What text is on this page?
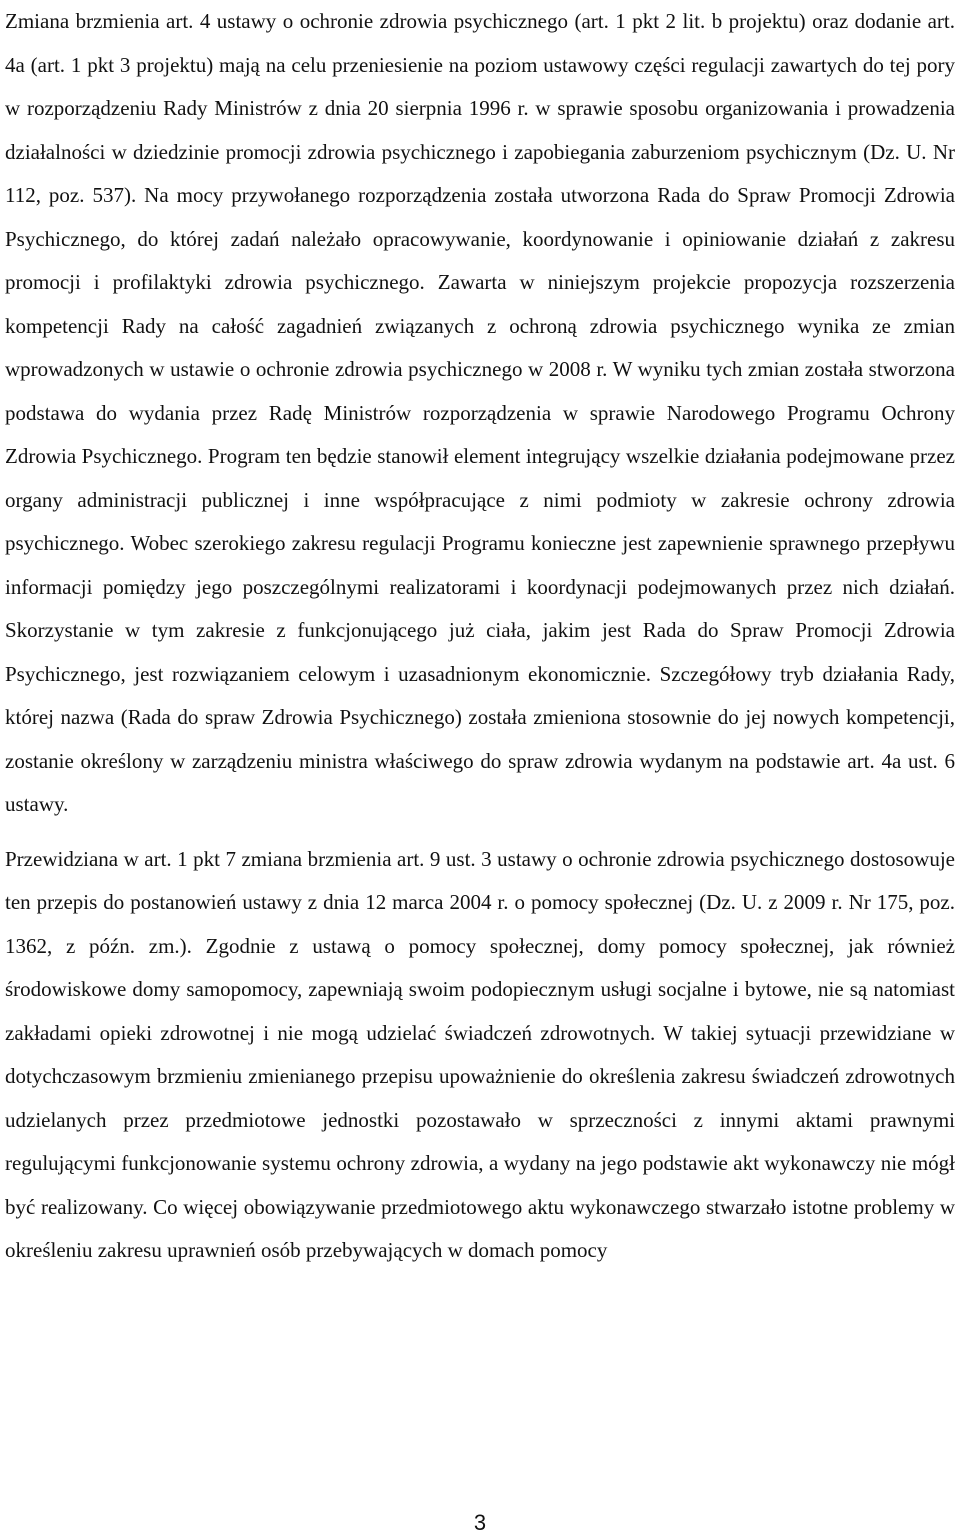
Zmiana brzmienia art. 4 ustawy o ochronie zdrowia psychicznego (art. 1 pkt 2 lit. b projektu) oraz dodanie art. 4a (art. 1 pkt 3 projektu) mają na celu przeniesienie na poziom ustawowy części regulacji zawartych do tej pory w rozporządzeniu Rady Ministrów z dnia 20 sierpnia 1996 r. w sprawie sposobu organizowania i prowadzenia działalności w dziedzinie promocji zdrowia psychicznego i zapobiegania zaburzeniom psychicznym (Dz. U. Nr 112, poz. 537). Na mocy przywołanego rozporządzenia została utworzona Rada do Spraw Promocji Zdrowia Psychicznego, do której zadań należało opracowywanie, koordynowanie i opiniowanie działań z zakresu promocji i profilaktyki zdrowia psychicznego. Zawarta w niniejszym projekcie propozycja rozszerzenia kompetencji Rady na całość zagadnień związanych z ochroną zdrowia psychicznego wynika ze zmian wprowadzonych w ustawie o ochronie zdrowia psychicznego w 2008 r. W wyniku tych zmian została stworzona podstawa do wydania przez Radę Ministrów rozporządzenia w sprawie Narodowego Programu Ochrony Zdrowia Psychicznego. Program ten będzie stanowił element integrujący wszelkie działania podejmowane przez organy administracji publicznej i inne współpracujące z nimi podmioty w zakresie ochrony zdrowia psychicznego. Wobec szerokiego zakresu regulacji Programu konieczne jest zapewnienie sprawnego przepływu informacji pomiędzy jego poszczególnymi realizatorami i koordynacji podejmowanych przez nich działań. Skorzystanie w tym zakresie z funkcjonującego już ciała, jakim jest Rada do Spraw Promocji Zdrowia Psychicznego, jest rozwiązaniem celowym i uzasadnionym ekonomicznie. Szczegółowy tryb działania Rady, której nazwa (Rada do spraw Zdrowia Psychicznego) została zmieniona stosownie do jej nowych kompetencji, zostanie określony w zarządzeniu ministra właściwego do spraw zdrowia wydanym na podstawie art. 4a ust. 6 ustawy.

Przewidziana w art. 1 pkt 7 zmiana brzmienia art. 9 ust. 3 ustawy o ochronie zdrowia psychicznego dostosowuje ten przepis do postanowień ustawy z dnia 12 marca 2004 r. o pomocy społecznej (Dz. U. z 2009 r. Nr 175, poz. 1362, z późn. zm.). Zgodnie z ustawą o pomocy społecznej, domy pomocy społecznej, jak również środowiskowe domy samopomocy, zapewniają swoim podopiecznym usługi socjalne i bytowe, nie są natomiast zakładami opieki zdrowotnej i nie mogą udzielać świadczeń zdrowotnych. W takiej sytuacji przewidziane w dotychczasowym brzmieniu zmienianego przepisu upoważnienie do określenia zakresu świadczeń zdrowotnych udzielanych przez przedmiotowe jednostki pozostawało w sprzeczności z innymi aktami prawnymi regulującymi funkcjonowanie systemu ochrony zdrowia, a wydany na jego podstawie akt wykonawczy nie mógł być realizowany. Co więcej obowiązywanie przedmiotowego aktu wykonawczego stwarzało istotne problemy w określeniu zakresu uprawnień osób przebywających w domach pomocy

3
